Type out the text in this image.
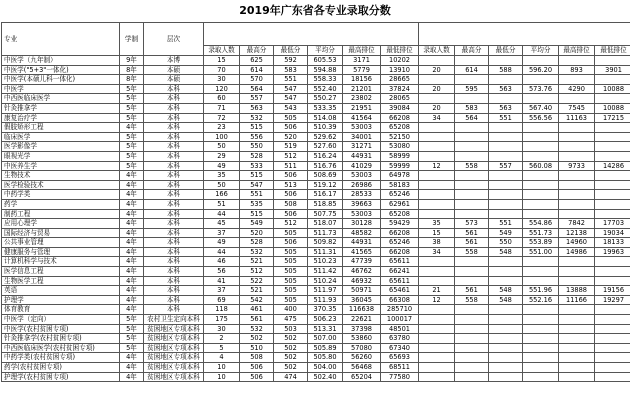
2019年广东省各专业录取分数
专业	学制	层次												
			录取人数	最高分	最低分	平均分	最高排位	最低排位	录取人数	最高分	最低分	平均分	最高排位	最低排位
中医学（九年制）	9年	本博	15	625	592	605.53	3171	10202						
中医学("5+3"一体化)	8年	本硕	70	614	583	594.88	5779	13910	20	614	588	596.20	893	3901
中医学(本硕儿科一体化)	8年	本硕	30	570	551	558.33	18156	28665						
中医学	5年	本科	120	564	547	552.40	21201	37824	20	595	563	573.76	4290	10088
中西医临床医学	5年	本科	60	557	547	550.27	23802	28065						
针灸推拿学	5年	本科	71	563	543	533.35	21951	39084	20	583	563	567.40	7545	10088
康复治疗学	5年	本科	72	532	505	514.08	41564	66208	34	564	551	556.56	11163	17215
假肢矫形工程	4年	本科	23	515	506	510.39	53003	65208						
临床医学	5年	本科	100	556	520	529.62	34001	52150						
医学影像学	5年	本科	50	550	519	527.60	31271	53080						
眼视光学	5年	本科	29	528	512	516.24	44931	58999						
中医养生学	5年	本科	49	533	511	516.76	41029	59999	12	558	557	560.08	9733	14286
生物技术	4年	本科	35	515	506	508.69	53003	64978						
医学检验技术	4年	本科	50	547	513	519.12	26986	58183						
中药学类	4年	本科	166	551	506	516.17	28533	65246						
药学	4年	本科	51	535	508	518.85	39663	62961						
制药工程	4年	本科	44	515	506	507.75	53003	65208						
应用心理学	4年	本科	45	549	512	518.07	30128	59429	35	573	551	554.86	7842	17703
国际经济与贸易	4年	本科	37	520	505	511.73	48582	66208	15	561	549	551.73	12138	19034
公共事业管理	4年	本科	49	528	506	509.82	44931	65246	38	561	550	553.89	14960	18133
健康服务与管理	4年	本科	44	532	505	511.31	41565	66208	34	558	548	551.00	14986	19963
计算机科学与技术	4年	本科	46	521	505	510.23	47739	65611						
医学信息工程	4年	本科	56	512	505	511.42	46762	66241						
生物医学工程	4年	本科	41	522	505	510.24	46932	65611						
英语	4年	本科	37	521	505	511.97	50971	65461	21	561	548	551.96	13888	19156
护理学	4年	本科	69	542	505	511.93	36045	66308	12	558	548	552.16	11166	19297
体育教育	4年	本科	118	461	400	370.35	116638	285710						
中医学（定向）	5年	农村卫生定向本科	175	561	475	506.23	22621	100017						
中医学(农村贫困专项)	5年	贫困地区专项本科	30	532	503	513.31	37398	48501						
针灸推拿学(农村贫困专项)	5年	贫困地区专项本科	2	502	502	507.00	53860	63780						
中西医临床医学(农村贫困专项)	5年	贫困地区专项本科	5	510	502	505.89	57080	67340						
中药学类(农村贫困专项)	4年	贫困地区专项本科	4	508	502	505.80	56260	65693						
药学(农村贫困专项)	4年	贫困地区专项本科	10	506	502	504.00	56468	68511						
护理学(农村贫困专项)	4年	贫困地区专项本科	10	506	474	502.40	65204	77580						
